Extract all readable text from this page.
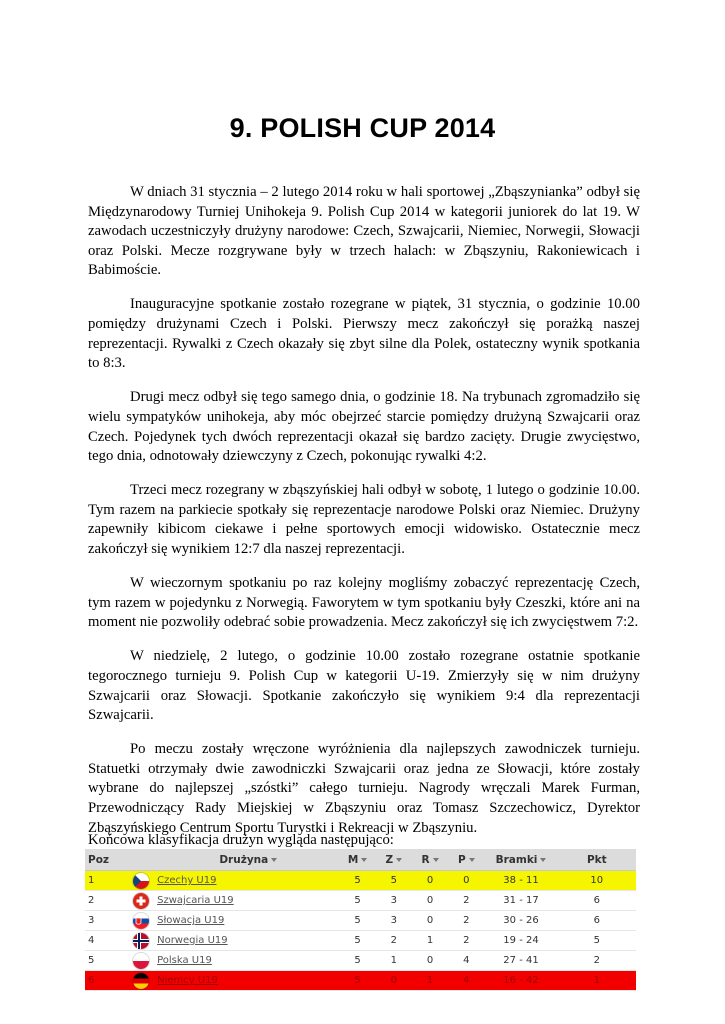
9. POLISH CUP 2014

W dniach 31 stycznia – 2 lutego 2014 roku w hali sportowej „Zbąszynianka” odbył się Międzynarodowy Turniej Unihokeja 9. Polish Cup 2014 w kategorii juniorek do lat 19. W zawodach uczestniczyły drużyny narodowe: Czech, Szwajcarii, Niemiec, Norwegii, Słowacji oraz Polski. Mecze rozgrywane były w trzech halach: w Zbąszyniu, Rakoniewicach i Babimoście.

Inauguracyjne spotkanie zostało rozegrane w piątek, 31 stycznia, o godzinie 10.00 pomiędzy drużynami Czech i Polski. Pierwszy mecz zakończył się porażką naszej reprezentacji. Rywalki z Czech okazały się zbyt silne dla Polek, ostateczny wynik spotkania to 8:3.

Drugi mecz odbył się tego samego dnia, o godzinie 18. Na trybunach zgromadziło się wielu sympatyków unihokeja, aby móc obejrzeć starcie pomiędzy drużyną Szwajcarii oraz Czech. Pojedynek tych dwóch reprezentacji okazał się bardzo zacięty. Drugie zwycięstwo, tego dnia, odnotowały dziewczyny z Czech, pokonując rywalki 4:2.

Trzeci mecz rozegrany w zbąszyńskiej hali odbył w sobotę, 1 lutego o godzinie 10.00. Tym razem na parkiecie spotkały się reprezentacje narodowe Polski oraz Niemiec. Drużyny zapewniły kibicom ciekawe i pełne sportowych emocji widowisko. Ostatecznie mecz zakończył się wynikiem 12:7 dla naszej reprezentacji.

W wieczornym spotkaniu po raz kolejny mogliśmy zobaczyć reprezentację Czech, tym razem w pojedynku z Norwegią. Faworytem w tym spotkaniu były Czeszki, które ani na moment nie pozwoliły odebrać sobie prowadzenia. Mecz zakończył się ich zwycięstwem 7:2.

W niedzielę, 2 lutego, o godzinie 10.00 zostało rozegrane ostatnie spotkanie tegorocznego turnieju 9. Polish Cup w kategorii U-19. Zmierzyły się w nim drużyny Szwajcarii oraz Słowacji. Spotkanie zakończyło się wynikiem 9:4 dla reprezentacji Szwajcarii.

Po meczu zostały wręczone wyróżnienia dla najlepszych zawodniczek turnieju. Statuetki otrzymały dwie zawodniczki Szwajcarii oraz jedna ze Słowacji, które zostały wybrane do najlepszej „szóstki” całego turnieju. Nagrody wręczali Marek Furman, Przewodniczący Rady Miejskiej w Zbąszyniu oraz Tomasz Szczechowicz, Dyrektor Zbąszyńskiego Centrum Sportu Turystki i Rekreacji w Zbąszyniu.

Końcowa klasyfikacja drużyn wygląda następująco:
Poz		Drużyna	M	Z	R	P	Bramki	Pkt
1		Czechy U19	5	5	0	0	38 - 11	10
2		Szwajcaria U19	5	3	0	2	31 - 17	6
3		Słowacja U19	5	3	0	2	30 - 26	6
4		Norwegia U19	5	2	1	2	19 - 24	5
5		Polska U19	5	1	0	4	27 - 41	2
6		Niemcy U19	5	0	1	4	16 - 42	1
